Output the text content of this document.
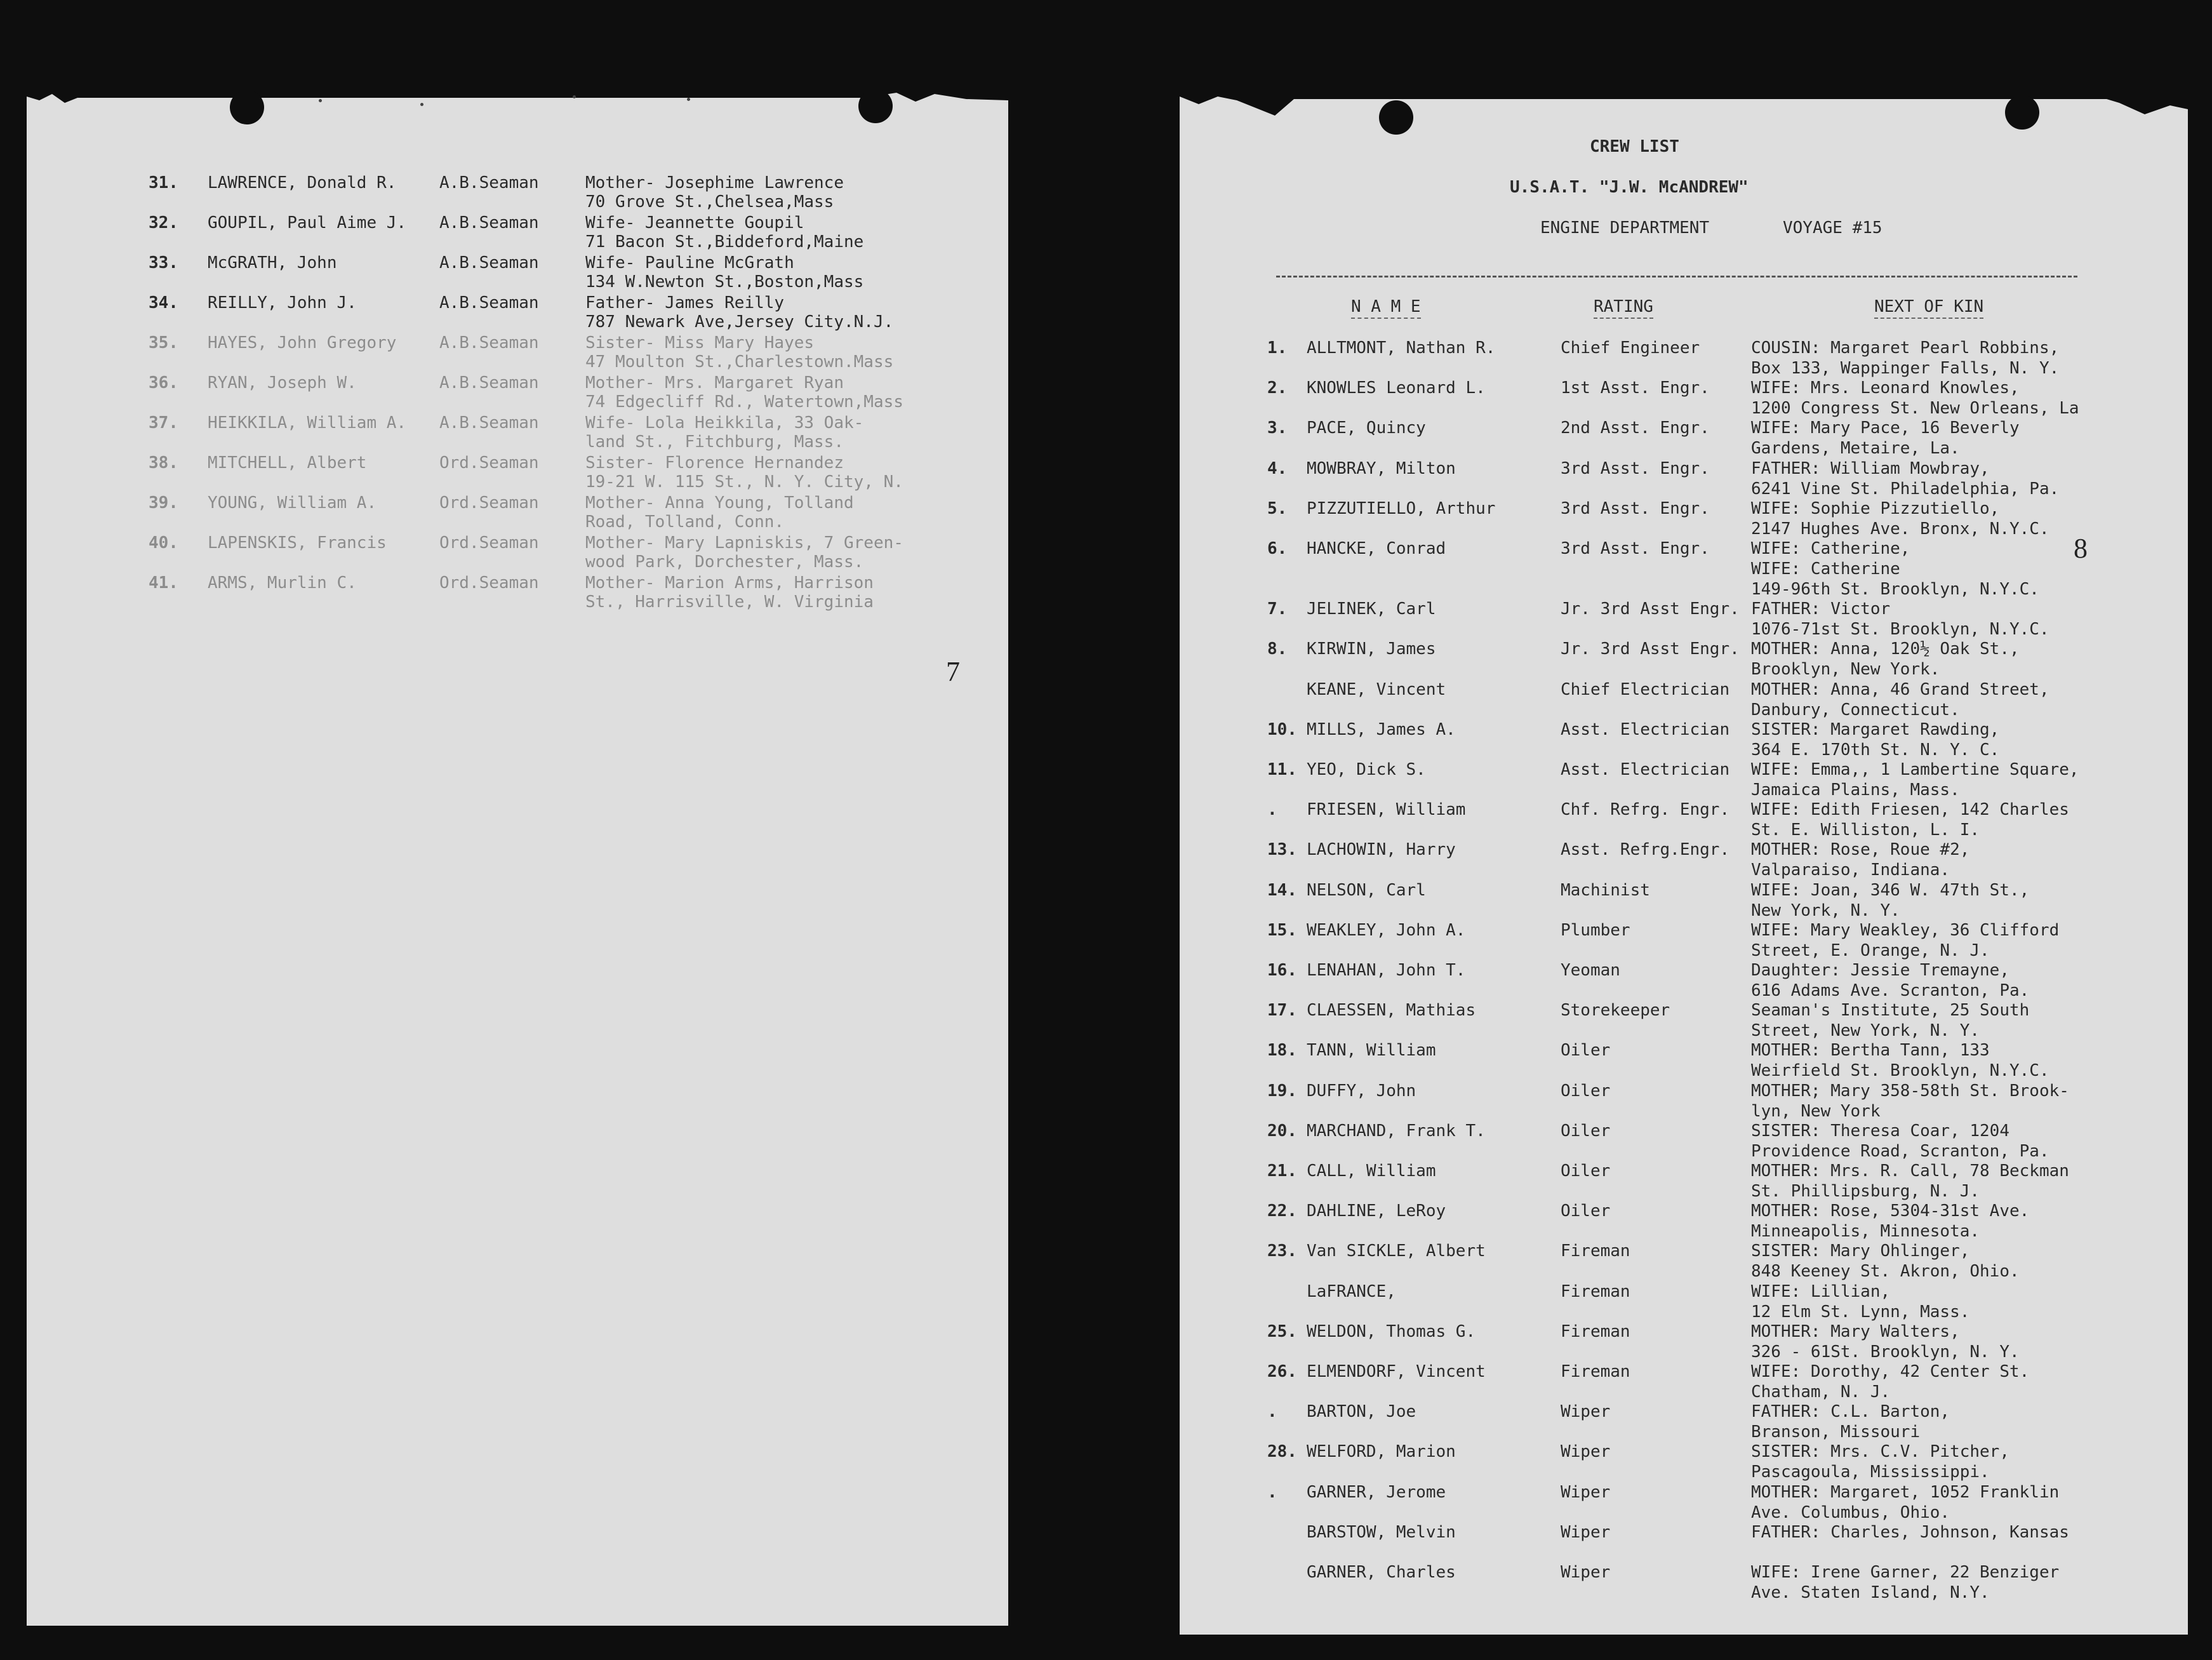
31. LAWRENCE, Donald R.	A.B.Seaman	Mother- Josephime Lawrence
70 Grove St.,Chelsea,Mass
32. GOUPIL, Paul Aime J. A.B.Seaman	Wife- Jeannette Goupil
71 Bacon St.,Biddeford,Maine
33. McGRATH, John	A.B.Seaman	Wife- Pauline McGrath
134 W.Newton St.,Boston,Mass
34. REILLY, John J.	A.B.Seaman	Father- James Reilly
787 Newark Ave,Jersey City.N.J.
35. HAYES, John Gregory	A.B.Seaman	Sister- Miss Mary Hayes
47 Moulton St.,Charlestown.Mass
36. RYAN, Joseph W.	A.B.Seaman	Mother- Mrs. Margaret Ryan
74 Edgecliff Rd., Watertown,Mass
37. HEIKKILA, William A. A.B.Seaman	Wife- Lola Heikkila, 33 Oak-
land St., Fitchburg, Mass.
38. MITCHELL, Albert	Ord.Seaman	Sister- Florence Hernandez
19-21 W. 115 St., N. Y. City, N.
39. YOUNG, William A.	Ord.Seaman	Mother- Anna Young, Tolland
Road, Tolland, Conn.
40. LAPENSKIS, Francis	Ord.Seaman	Mother- Mary Lapniskis, 7 Green-
wood Park, Dorchester, Mass.
41. ARMS, Murlin C.	Ord.Seaman	Mother- Marion Arms, Harrison
St., Harrisville, W. Virginia
7
CREW LIST
U.S.A.T. "J.W. McANDREW"
ENGINE DEPARTMENT	VOYAGE #15
N A M E	RATING	NEXT OF KIN
1. ALLTMONT, Nathan R.	Chief Engineer	COUSIN: Margaret Pearl Robbins,
Box 133, Wappinger Falls, N. Y.
2. KNOWLES Leonard L.	1st Asst. Engr.	WIFE: Mrs. Leonard Knowles,
1200 Congress St. New Orleans, La
3. PACE, Quincy	2nd Asst. Engr.	WIFE: Mary Pace, 16 Beverly
Gardens, Metaire, La.
4. MOWBRAY, Milton	3rd Asst. Engr.	FATHER: William Mowbray,
6241 Vine St. Philadelphia, Pa.
5. PIZZUTIELLO, Arthur	3rd Asst. Engr.	WIFE: Sophie Pizzutiello,
2147 Hughes Ave. Bronx, N.Y.C.
6. HANCKE, Conrad	3rd Asst. Engr.	WIFE: Catherine,
WIFE: Catherine
149-96th St. Brooklyn, N.Y.C.
7. JELINEK, Carl	Jr. 3rd Asst Engr. FATHER: Victor
1076-71st St. Brooklyn, N.Y.C.
8. KIRWIN, James	Jr. 3rd Asst Engr. MOTHER: Anna, 120½ Oak St.,
Brooklyn, New York.
KEANE, Vincent	Chief Electrician MOTHER: Anna, 46 Grand Street,
Danbury, Connecticut.
10. MILLS, James A.	Asst. Electrician SISTER: Margaret Rawding,
364 E. 170th St. N. Y. C.
11. YEO, Dick S.	Asst. Electrician WIFE: Emma,, 1 Lambertine Square,
Jamaica Plains, Mass.
. FRIESEN, William	Chf. Refrg. Engr. WIFE: Edith Friesen, 142 Charles
St. E. Williston, L. I.
13. LACHOWIN, Harry	Asst. Refrg.Engr. MOTHER: Rose, Roue #2,
Valparaiso, Indiana.
14. NELSON, Carl	Machinist	WIFE: Joan, 346 W. 47th St.,
New York, N. Y.
15. WEAKLEY, John A.	Plumber	WIFE: Mary Weakley, 36 Clifford
Street, E. Orange, N. J.
16. LENAHAN, John T.	Yeoman	Daughter: Jessie Tremayne,
616 Adams Ave. Scranton, Pa.
17. CLAESSEN, Mathias	Storekeeper	Seaman's Institute, 25 South
Street, New York, N. Y.
18. TANN, William	Oiler	MOTHER: Bertha Tann, 133
Weirfield St. Brooklyn, N.Y.C.
19. DUFFY, John	Oiler	MOTHER; Mary 358-58th St. Brook-
lyn, New York
20. MARCHAND, Frank T.	Oiler	SISTER: Theresa Coar, 1204
Providence Road, Scranton, Pa.
21. CALL, William	Oiler	MOTHER: Mrs. R. Call, 78 Beckman
St. Phillipsburg, N. J.
22. DAHLINE, LeRoy	Oiler	MOTHER: Rose, 5304-31st Ave.
Minneapolis, Minnesota.
23. Van SICKLE, Albert	Fireman	SISTER: Mary Ohlinger,
848 Keeney St. Akron, Ohio.
LaFRANCE,	Fireman	WIFE: Lillian,
12 Elm St. Lynn, Mass.
25. WELDON, Thomas G.	Fireman	MOTHER: Mary Walters,
326 - 61St. Brooklyn, N. Y.
26. ELMENDORF, Vincent	Fireman	WIFE: Dorothy, 42 Center St.
Chatham, N. J.
. BARTON, Joe	Wiper	FATHER: C.L. Barton,
Branson, Missouri
28. WELFORD, Marion	Wiper	SISTER: Mrs. C.V. Pitcher,
Pascagoula, Mississippi.
. GARNER, Jerome	Wiper	MOTHER: Margaret, 1052 Franklin
Ave. Columbus, Ohio.
BARSTOW, Melvin	Wiper	FATHER: Charles, Johnson, Kansas
GARNER, Charles	Wiper	WIFE: Irene Garner, 22 Benziger
Ave. Staten Island, N.Y.
8
